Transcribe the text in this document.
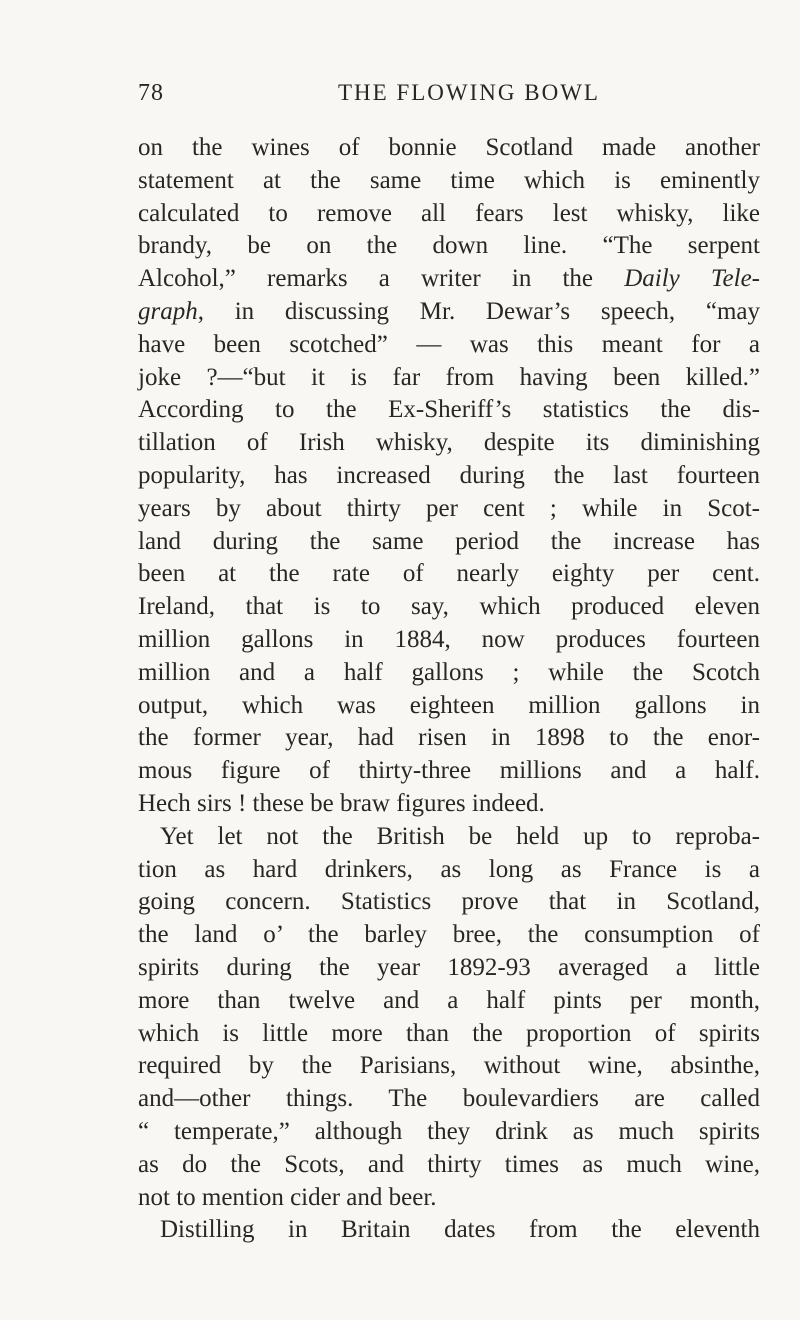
78	THE FLOWING BOWL
on the wines of bonnie Scotland made another
statement at the same time which is eminently
calculated to remove all fears lest whisky, like
brandy, be on the down line. “The serpent
Alcohol,” remarks a writer in the Daily Tele-
graph, in discussing Mr. Dewar’s speech, “may
have been scotched” — was this meant for a
joke ?—“but it is far from having been killed.”
According to the Ex-Sheriff’s statistics the dis-
tillation of Irish whisky, despite its diminishing
popularity, has increased during the last fourteen
years by about thirty per cent ; while in Scot-
land during the same period the increase has
been at the rate of nearly eighty per cent.
Ireland, that is to say, which produced eleven
million gallons in 1884, now produces fourteen
million and a half gallons ; while the Scotch
output, which was eighteen million gallons in
the former year, had risen in 1898 to the enor-
mous figure of thirty-three millions and a half.
Hech sirs ! these be braw figures indeed.
Yet let not the British be held up to reproba-
tion as hard drinkers, as long as France is a
going concern. Statistics prove that in Scotland,
the land o’ the barley bree, the consumption of
spirits during the year 1892-93 averaged a little
more than twelve and a half pints per month,
which is little more than the proportion of spirits
required by the Parisians, without wine, absinthe,
and—other things. The boulevardiers are called
“ temperate,” although they drink as much spirits
as do the Scots, and thirty times as much wine,
not to mention cider and beer.
Distilling in Britain dates from the eleventh
